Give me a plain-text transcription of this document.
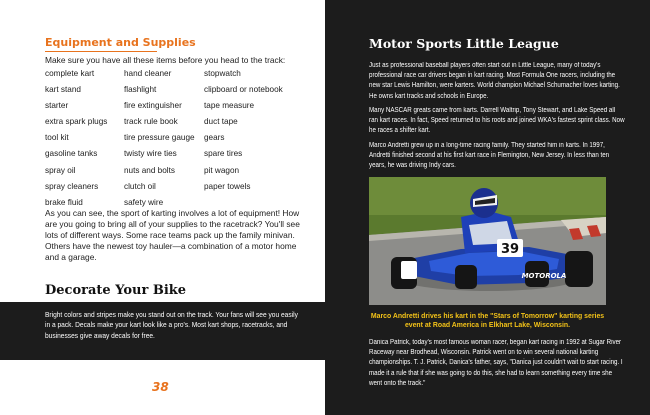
Equipment and Supplies

Make sure you have all these items before you head to the track:

complete kart	hand cleaner	stopwatch
kart stand	flashlight	clipboard or notebook
starter	fire extinguisher	tape measure
extra spark plugs	track rule book	duct tape
tool kit	tire pressure gauge	gears
gasoline tanks	twisty wire ties	spare tires
spray oil	nuts and bolts	pit wagon
spray cleaners	clutch oil	paper towels
brake fluid	safety wire

As you can see, the sport of karting involves a lot of equipment! How are you going to bring all of your supplies to the racetrack? You'll see lots of different ways. Some race teams pack up the family minivan. Others have the newest toy hauler—a combination of a motor home and a garage.

Decorate Your Bike

Bright colors and stripes make you stand out on the track. Your fans will see you easily in a pack. Decals make your kart look like a pro's. Most kart shops, racetracks, and businesses give away decals for free.

38

Motor Sports Little League

Just as professional baseball players often start out in Little League, many of today's professional race car drivers began in kart racing. Most Formula One racers, including the new star Lewis Hamilton, were karters. World champion Michael Schumacher loves karting. He owns kart tracks and schools in Europe.

Many NASCAR greats came from karts. Darrell Waltrip, Tony Stewart, and Lake Speed all ran kart races. In fact, Speed returned to his roots and joined WKA's fastest sprint class. Now he races a shifter kart.

Marco Andretti grew up in a long-time racing family. They started him in karts. In 1997, Andretti finished second at his first kart race in Flemington, New Jersey. In less than ten years, he was driving Indy cars.

39
MOTOROLA

Marco Andretti drives his kart in the "Stars of Tomorrow" karting series event at Road America in Elkhart Lake, Wisconsin.

Danica Patrick, today's most famous woman racer, began kart racing in 1992 at Sugar River Raceway near Brodhead, Wisconsin. Patrick went on to win several national karting championships. T. J. Patrick, Danica's father, says, "Danica just couldn't wait to start racing. I made it a rule that if she was going to do this, she had to learn something every time she went onto the track."
